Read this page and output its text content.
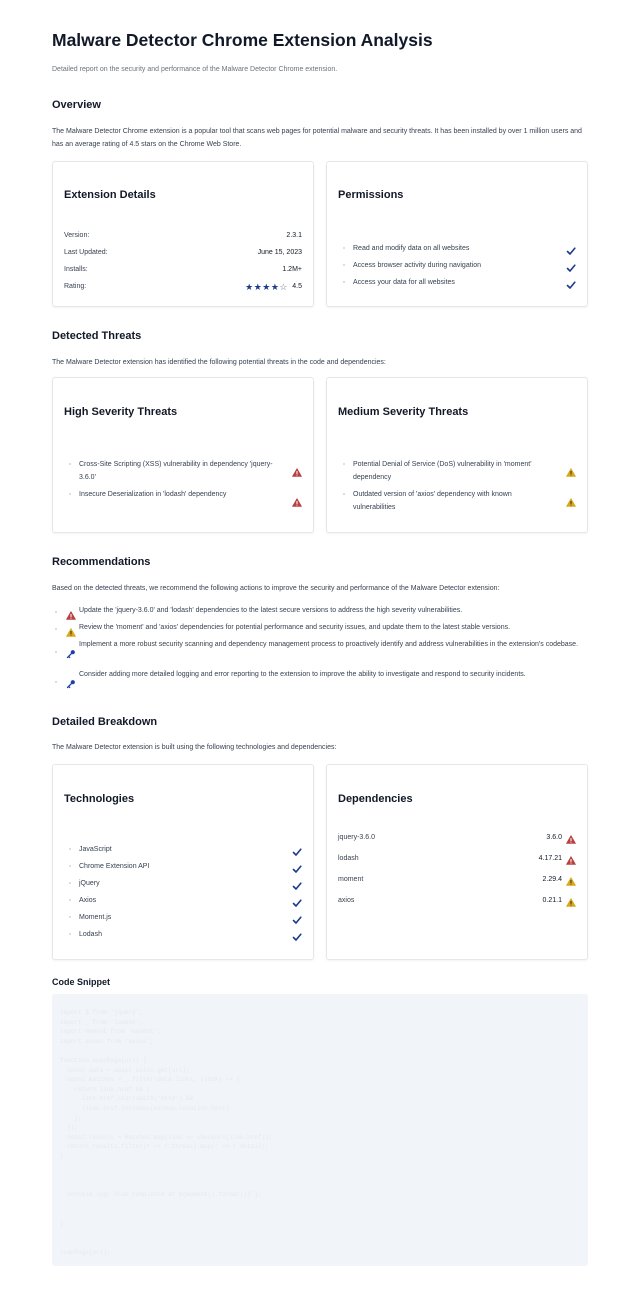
Malware Detector Chrome Extension Analysis
Detailed report on the security and performance of the Malware Detector Chrome extension.
Overview
The Malware Detector Chrome extension is a popular tool that scans web pages for potential malware and security threats. It has been installed by over 1 million users and has an average rating of 4.5 stars on the Chrome Web Store.
Extension Details
Version:	2.3.1
Last Updated:	June 15, 2023
Installs:	1.2M+
Rating:	★★★★☆ 4.5
Permissions
Read and modify data on all websites
Access browser activity during navigation
Access your data for all websites
Detected Threats
The Malware Detector extension has identified the following potential threats in the code and dependencies:
High Severity Threats
Cross-Site Scripting (XSS) vulnerability in dependency 'jquery-3.6.0'
Insecure Deserialization in 'lodash' dependency
Medium Severity Threats
Potential Denial of Service (DoS) vulnerability in 'moment' dependency
Outdated version of 'axios' dependency with known vulnerabilities
Recommendations
Based on the detected threats, we recommend the following actions to improve the security and performance of the Malware Detector extension:
Update the 'jquery-3.6.0' and 'lodash' dependencies to the latest secure versions to address the high severity vulnerabilities.
Review the 'moment' and 'axios' dependencies for potential performance and security issues, and update them to the latest stable versions.
Implement a more robust security scanning and dependency management process to proactively identify and address vulnerabilities in the extension's codebase.
Consider adding more detailed logging and error reporting to the extension to improve the ability to investigate and respond to security incidents.
Detailed Breakdown
The Malware Detector extension is built using the following technologies and dependencies:
Technologies
JavaScript
Chrome Extension API
jQuery
Axios
Moment.js
Lodash
Dependencies
jquery-3.6.0	3.6.0
lodash	4.17.21
moment	2.29.4
axios	0.21.1
Code Snippet
import $ from 'jquery';
import _ from 'lodash';
import moment from 'moment';
import axios from 'axios';

function scanPage(url) {
const data = await axios.get(url);
const matches = _.filter(data.links, (link) => {
return link.href && (
link.href.startsWith('http') &&
!link.href.includes(window.location.host)
);
});
const results = matches.map(link => checkUrl(link.href));
return results.filter(r => r.threat).map(r => r.detail);
}

console.log(`Scan completed at ${moment().format()}`);

}

scanPage(url);
